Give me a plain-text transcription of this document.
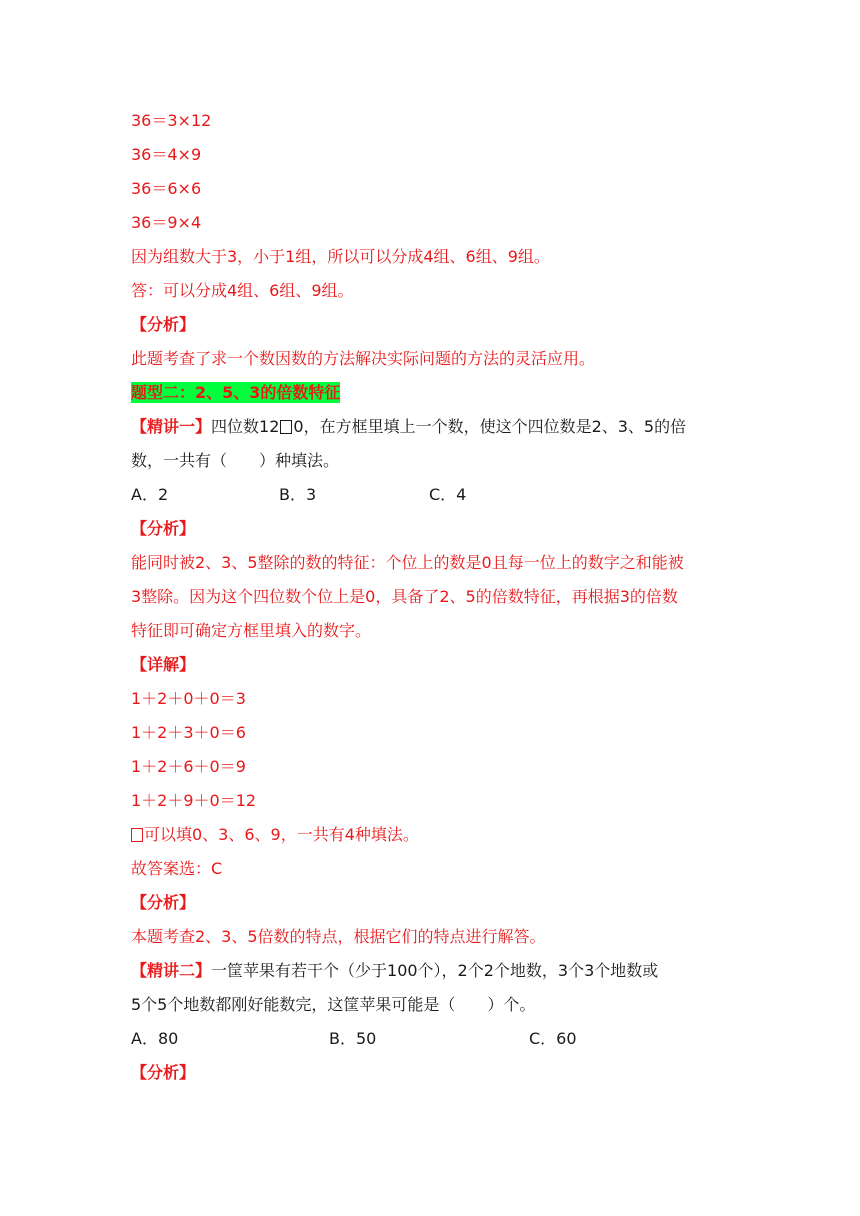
36＝3×12
36＝4×9
36＝6×6
36＝9×4
因为组数大于3，小于1组，所以可以分成4组、6组、9组。
答：可以分成4组、6组、9组。
【分析】
此题考查了求一个数因数的方法解决实际问题的方法的灵活应用。
题型二：2、5、3的倍数特征
【精讲一】四位数12 0，在方框里填上一个数，使这个四位数是2、3、5的倍
数，一共有（　　）种填法。
A．2	B．3	C．4
【分析】
能同时被2、3、5整除的数的特征：个位上的数是0且每一位上的数字之和能被
3整除。因为这个四位数个位上是0，具备了2、5的倍数特征，再根据3的倍数
特征即可确定方框里填入的数字。
【详解】
1＋2＋0＋0＝3
1＋2＋3＋0＝6
1＋2＋6＋0＝9
1＋2＋9＋0＝12
可以填0、3、6、9，一共有4种填法。
故答案选：C
【分析】
本题考查2、3、5倍数的特点，根据它们的特点进行解答。
【精讲二】一筐苹果有若干个（少于100个），2个2个地数，3个3个地数或
5个5个地数都刚好能数完，这筐苹果可能是（　　）个。
A．80	B．50	C．60
【分析】
